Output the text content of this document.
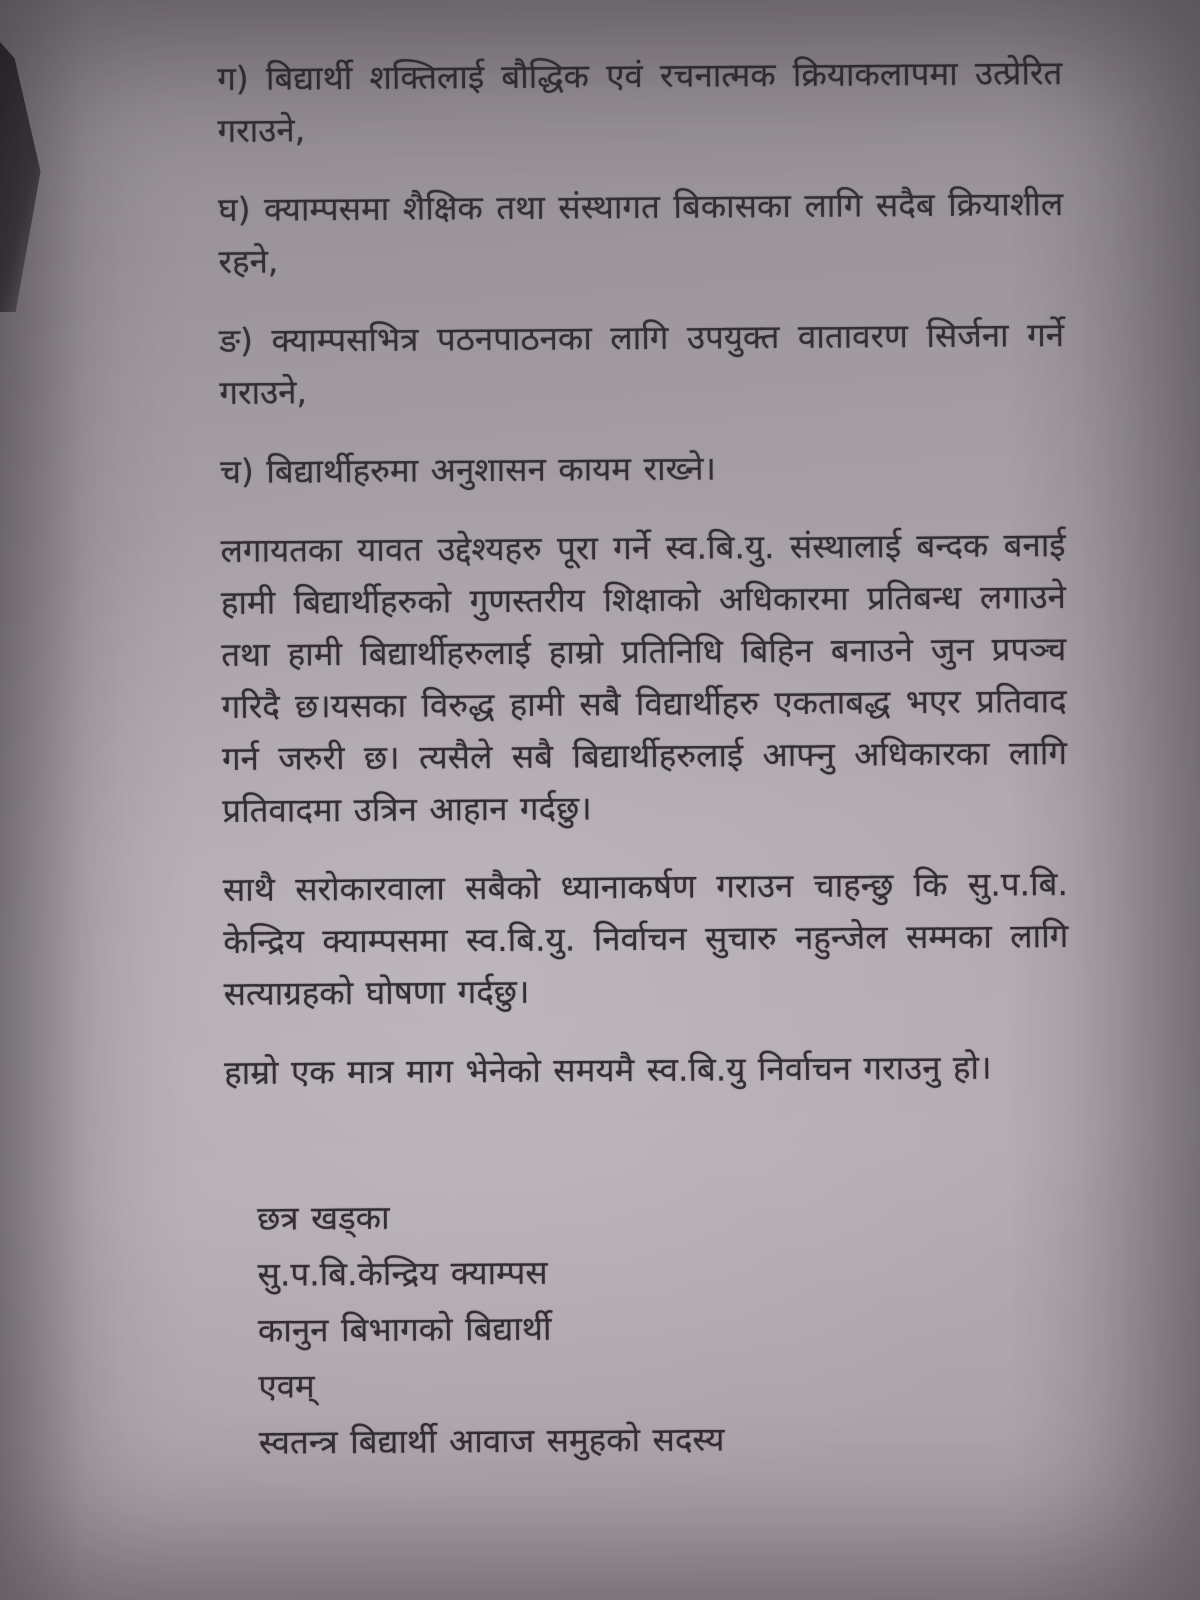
ग) बिद्यार्थी शक्तिलाई बौद्धिक एवं रचनात्मक क्रियाकलापमा उत्प्रेरित गराउने,

घ) क्याम्पसमा शैक्षिक तथा संस्थागत बिकासका लागि सदैब क्रियाशील रहने,

ङ) क्याम्पसभित्र पठनपाठनका लागि उपयुक्त वातावरण सिर्जना गर्ने गराउने,

च) बिद्यार्थीहरुमा अनुशासन कायम राख्ने।

लगायतका यावत उद्देश्यहरु पूरा गर्ने स्व.बि.यु. संस्थालाई बन्दक बनाई हामी बिद्यार्थीहरुको गुणस्तरीय शिक्षाको अधिकारमा प्रतिबन्ध लगाउने तथा हामी बिद्यार्थीहरुलाई हाम्रो प्रतिनिधि बिहिन बनाउने जुन प्रपञ्च गरिदै छ।यसका विरुद्ध हामी सबै विद्यार्थीहरु एकताबद्ध भएर प्रतिवाद गर्न जरुरी छ। त्यसैले सबै बिद्यार्थीहरुलाई आफ्नु अधिकारका लागि प्रतिवादमा उत्रिन आहान गर्दछु।

साथै सरोकारवाला सबैको ध्यानाकर्षण गराउन चाहन्छु कि सु.प.बि. केन्द्रिय क्याम्पसमा स्व.बि.यु. निर्वाचन सुचारु नहुन्जेल सम्मका लागि सत्याग्रहको घोषणा गर्दछु।

हाम्रो एक मात्र माग भेनेको समयमै स्व.बि.यु निर्वाचन गराउनु हो।

छत्र खड्का
सु.प.बि.केन्द्रिय क्याम्पस
कानुन बिभागको बिद्यार्थी
एवम्
स्वतन्त्र बिद्यार्थी आवाज समुहको सदस्य
